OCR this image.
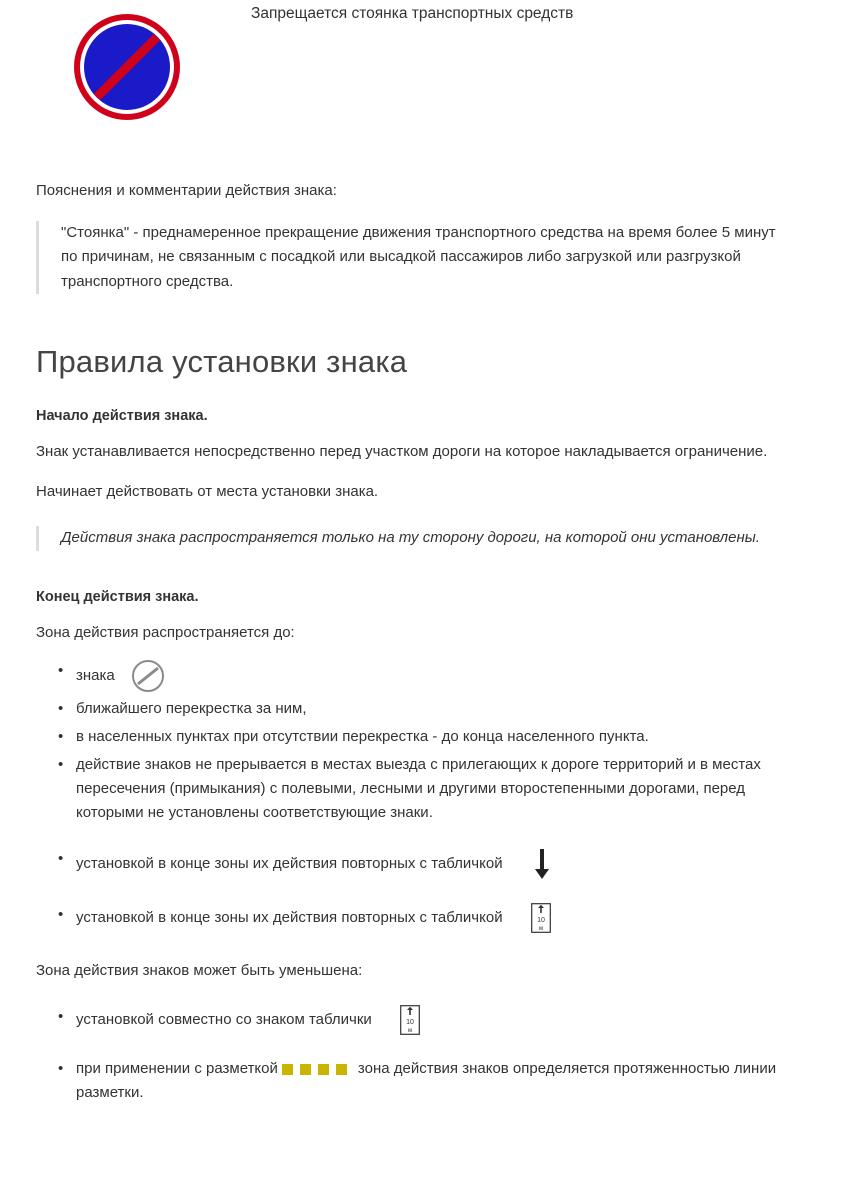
Запрещается стоянка транспортных средств
Пояснения и комментарии действия знака:
"Стоянка" - преднамеренное прекращение движения транспортного средства на время более 5 минут по причинам, не связанным с посадкой или высадкой пассажиров либо загрузкой или разгрузкой транспортного средства.
Правила установки знака
Начало действия знака.

Знак устанавливается непосредственно перед участком дороги на которое накладывается ограничение.

Начинает действовать от места установки знака.

Действия знака распространяется только на ту сторону дороги, на которой они установлены.
Конец действия знака.

Зона действия распространяется до:

• знака
• ближайшего перекрестка за ним,
• в населенных пунктах при отсутствии перекрестка - до конца населенного пункта.
• действие знаков не прерывается в местах выезда с прилегающих к дороге территорий и в местах пересечения (примыкания) с полевыми, лесными и другими второстепенными дорогами, перед которыми не установлены соответствующие знаки.
• установкой в конце зоны их действия повторных с табличкой
• установкой в конце зоны их действия повторных с табличкой	10
м

Зона действия знаков может быть уменьшена:

• установкой совместно со знаком таблички	10
м
• при применении с разметкой	зона действия знаков определяется протяженностью линии разметки.
